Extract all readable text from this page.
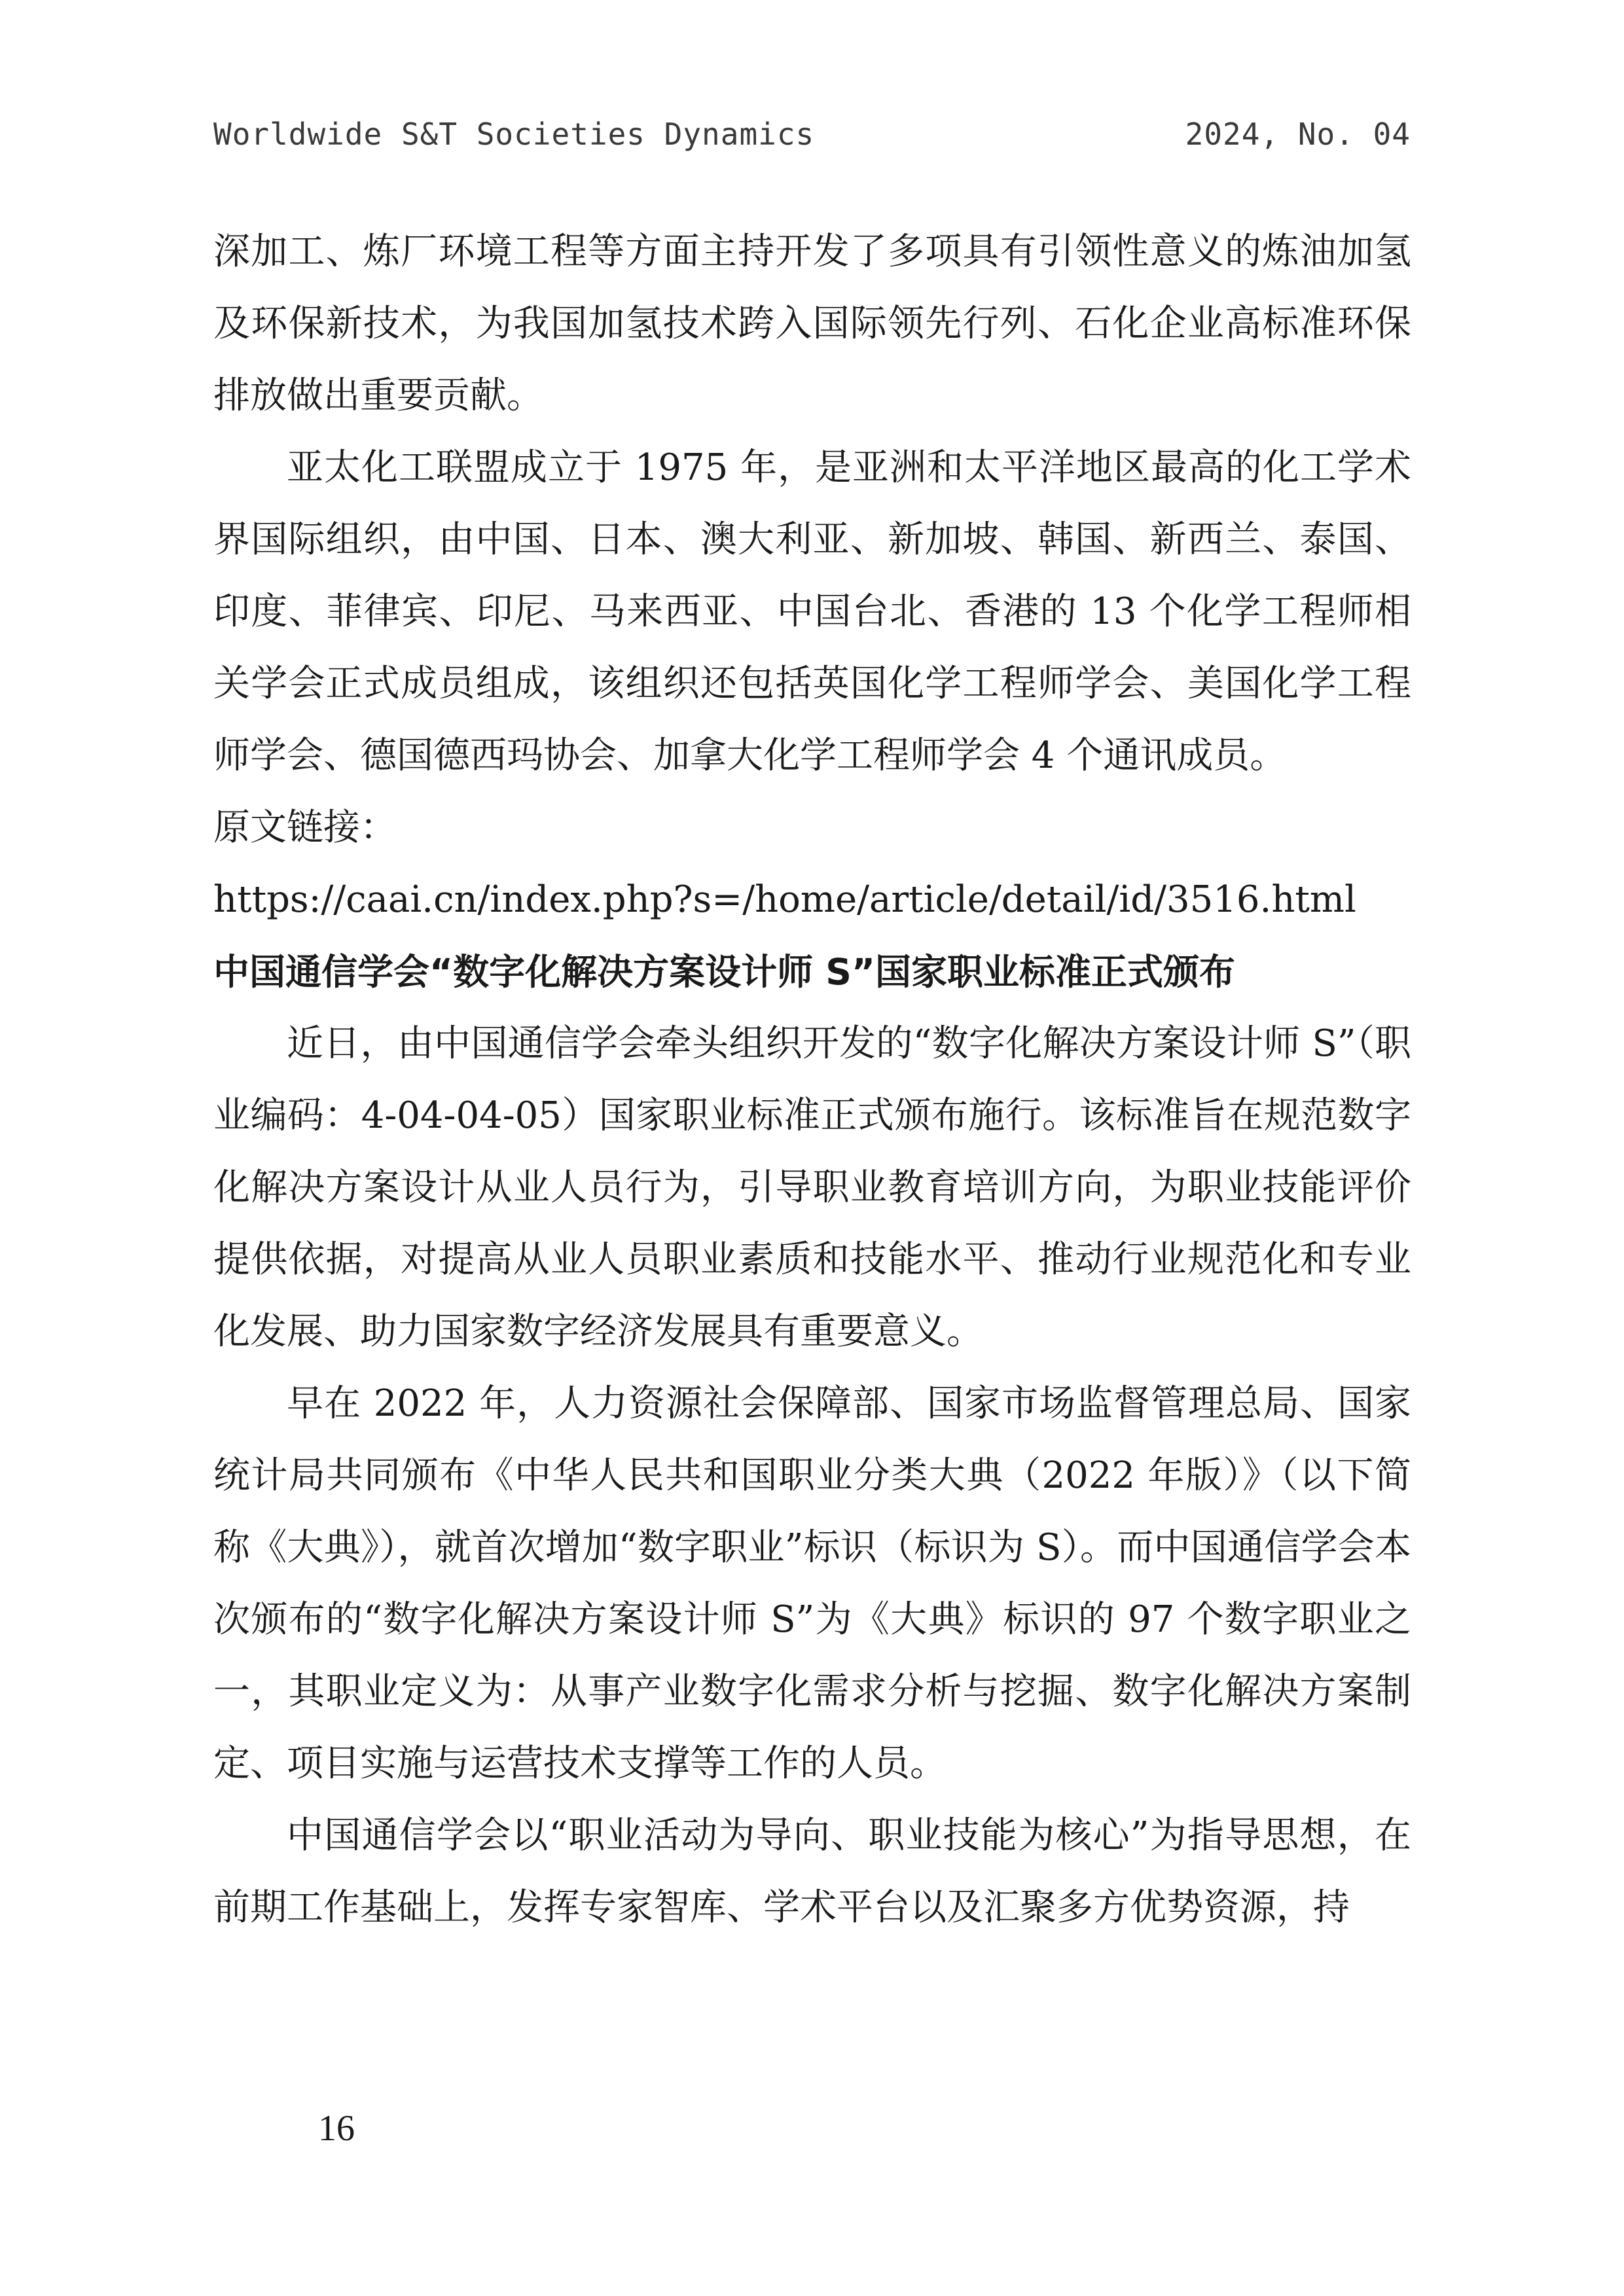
Worldwide S&T Societies Dynamics	2024, No. 04

深加工、炼厂环境工程等方面主持开发了多项具有引领性意义的炼油加氢及环保新技术，为我国加氢技术跨入国际领先行列、石化企业高标准环保排放做出重要贡献。

亚太化工联盟成立于 1975 年，是亚洲和太平洋地区最高的化工学术界国际组织，由中国、日本、澳大利亚、新加坡、韩国、新西兰、泰国、印度、菲律宾、印尼、马来西亚、中国台北、香港的 13 个化学工程师相关学会正式成员组成，该组织还包括英国化学工程师学会、美国化学工程师学会、德国德西玛协会、加拿大化学工程师学会 4 个通讯成员。

原文链接：

https://caai.cn/index.php?s=/home/article/detail/id/3516.html

中国通信学会“数字化解决方案设计师 S”国家职业标准正式颁布

近日，由中国通信学会牵头组织开发的“数字化解决方案设计师 S”（职业编码：4-04-04-05）国家职业标准正式颁布施行。该标准旨在规范数字化解决方案设计从业人员行为，引导职业教育培训方向，为职业技能评价提供依据，对提高从业人员职业素质和技能水平、推动行业规范化和专业化发展、助力国家数字经济发展具有重要意义。

早在 2022 年，人力资源社会保障部、国家市场监督管理总局、国家统计局共同颁布《中华人民共和国职业分类大典（2022 年版）》（以下简称《大典》），就首次增加“数字职业”标识（标识为 S）。而中国通信学会本次颁布的“数字化解决方案设计师 S”为《大典》标识的 97 个数字职业之一，其职业定义为：从事产业数字化需求分析与挖掘、数字化解决方案制定、项目实施与运营技术支撑等工作的人员。

中国通信学会以“职业活动为导向、职业技能为核心”为指导思想，在前期工作基础上，发挥专家智库、学术平台以及汇聚多方优势资源，持

16
